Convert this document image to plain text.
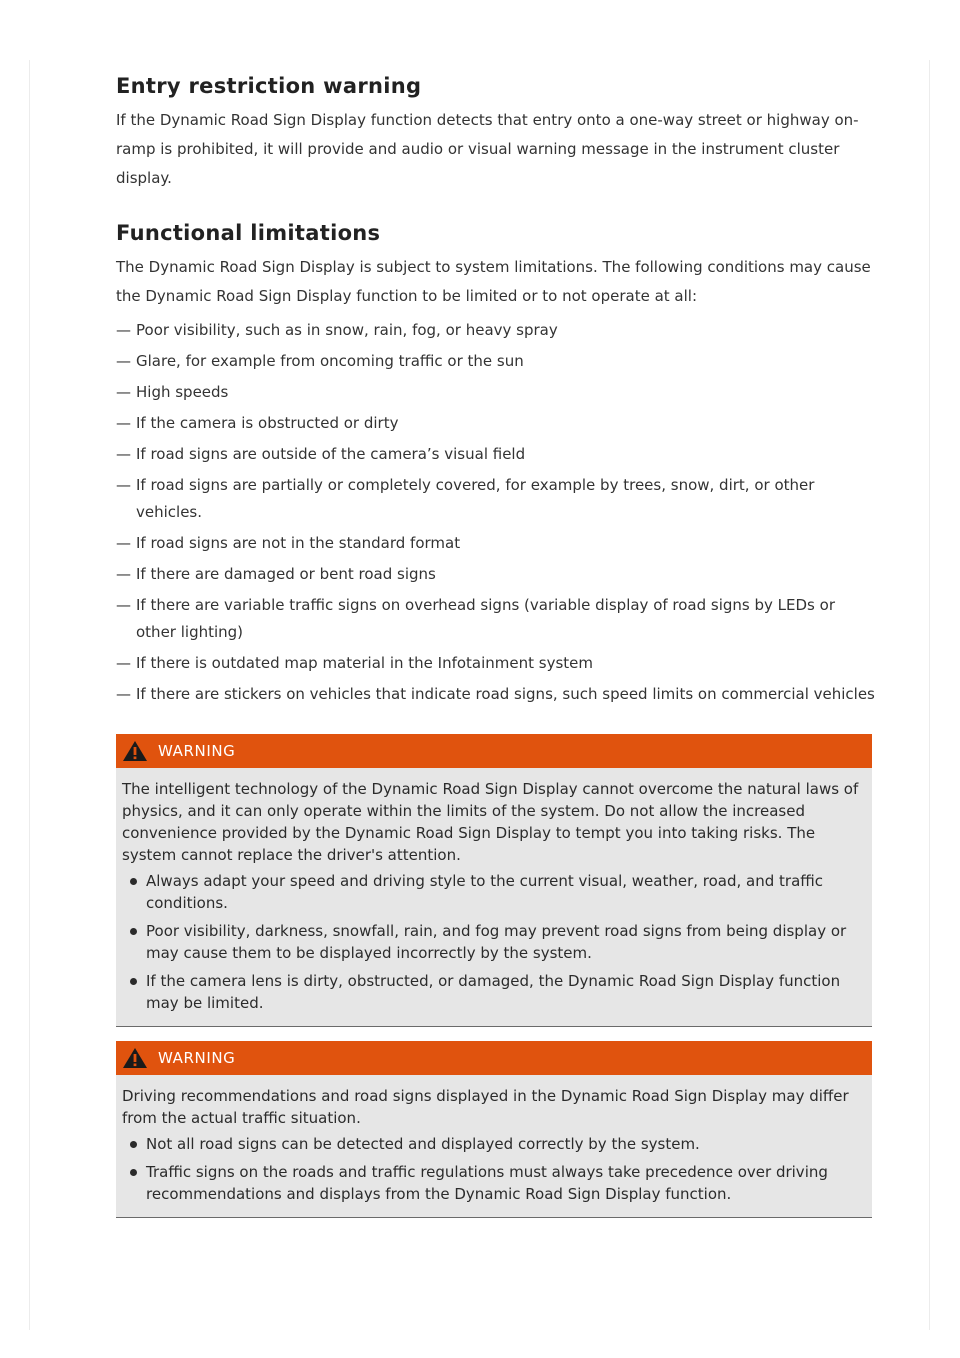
Entry restriction warning

If the Dynamic Road Sign Display function detects that entry onto a one-way street or highway on-ramp is prohibited, it will provide and audio or visual warning message in the instrument cluster display.

Functional limitations

The Dynamic Road Sign Display is subject to system limitations. The following conditions may cause the Dynamic Road Sign Display function to be limited or to not operate at all:

— Poor visibility, such as in snow, rain, fog, or heavy spray
— Glare, for example from oncoming traffic or the sun
— High speeds
— If the camera is obstructed or dirty
— If road signs are outside of the camera’s visual field
— If road signs are partially or completely covered, for example by trees, snow, dirt, or other vehicles.
— If road signs are not in the standard format
— If there are damaged or bent road signs
— If there are variable traffic signs on overhead signs (variable display of road signs by LEDs or other lighting)
— If there is outdated map material in the Infotainment system
— If there are stickers on vehicles that indicate road signs, such speed limits on commercial vehicles
WARNING

The intelligent technology of the Dynamic Road Sign Display cannot overcome the natural laws of physics, and it can only operate within the limits of the system. Do not allow the increased convenience provided by the Dynamic Road Sign Display to tempt you into taking risks. The system cannot replace the driver's attention.

Always adapt your speed and driving style to the current visual, weather, road, and traffic conditions.
Poor visibility, darkness, snowfall, rain, and fog may prevent road signs from being display or may cause them to be displayed incorrectly by the system.
If the camera lens is dirty, obstructed, or damaged, the Dynamic Road Sign Display function may be limited.
WARNING

Driving recommendations and road signs displayed in the Dynamic Road Sign Display may differ from the actual traffic situation.

Not all road signs can be detected and displayed correctly by the system.
Traffic signs on the roads and traffic regulations must always take precedence over driving recommendations and displays from the Dynamic Road Sign Display function.
